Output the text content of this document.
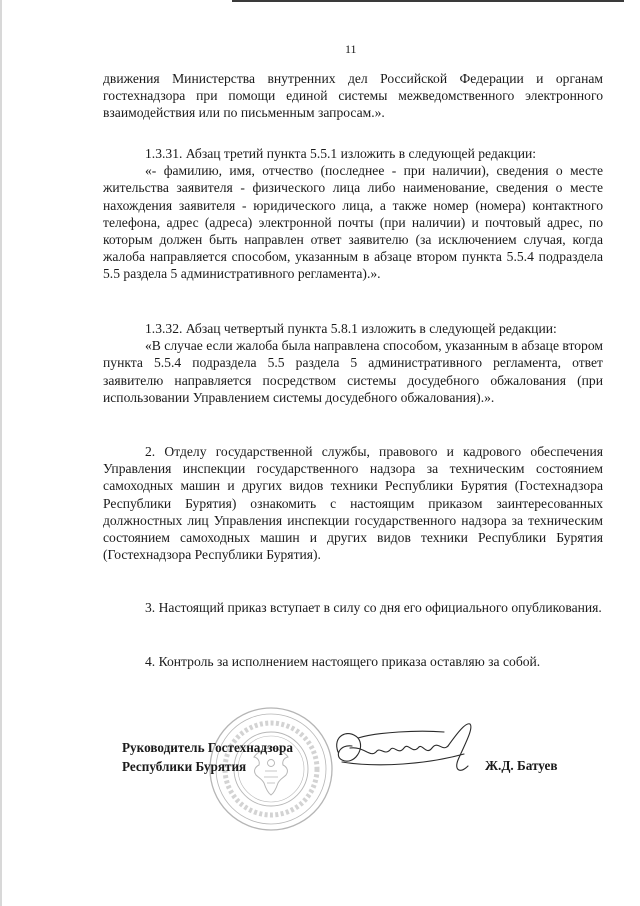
11

движения Министерства внутренних дел Российской Федерации и органам гостехнадзора при помощи единой системы межведомственного электронного взаимодействия или по письменным запросам.».

1.3.31. Абзац третий пункта 5.5.1 изложить в следующей редакции:

«- фамилию, имя, отчество (последнее - при наличии), сведения о месте жительства заявителя - физического лица либо наименование, сведения о месте нахождения заявителя - юридического лица, а также номер (номера) контактного телефона, адрес (адреса) электронной почты (при наличии) и почтовый адрес, по которым должен быть направлен ответ заявителю (за исключением случая, когда жалоба направляется способом, указанным в абзаце втором пункта 5.5.4 подраздела 5.5 раздела 5 административного регламента).».

1.3.32. Абзац четвертый пункта 5.8.1 изложить в следующей редакции:

«В случае если жалоба была направлена способом, указанным в абзаце втором пункта 5.5.4 подраздела 5.5 раздела 5 административного регламента, ответ заявителю направляется посредством системы досудебного обжалования (при использовании Управлением системы досудебного обжалования).».

2. Отделу государственной службы, правового и кадрового обеспечения Управления инспекции государственного надзора за техническим состоянием самоходных машин и других видов техники Республики Бурятия (Гостехнадзора Республики Бурятия) ознакомить с настоящим приказом заинтересованных должностных лиц Управления инспекции государственного надзора за техническим состоянием самоходных машин и других видов техники Республики Бурятия (Гостехнадзора Республики Бурятия).

3. Настоящий приказ вступает в силу со дня его официального опубликования.

4. Контроль за исполнением настоящего приказа оставляю за собой.

Руководитель Гостехнадзора
Республики Бурятия	Ж.Д. Батуев
